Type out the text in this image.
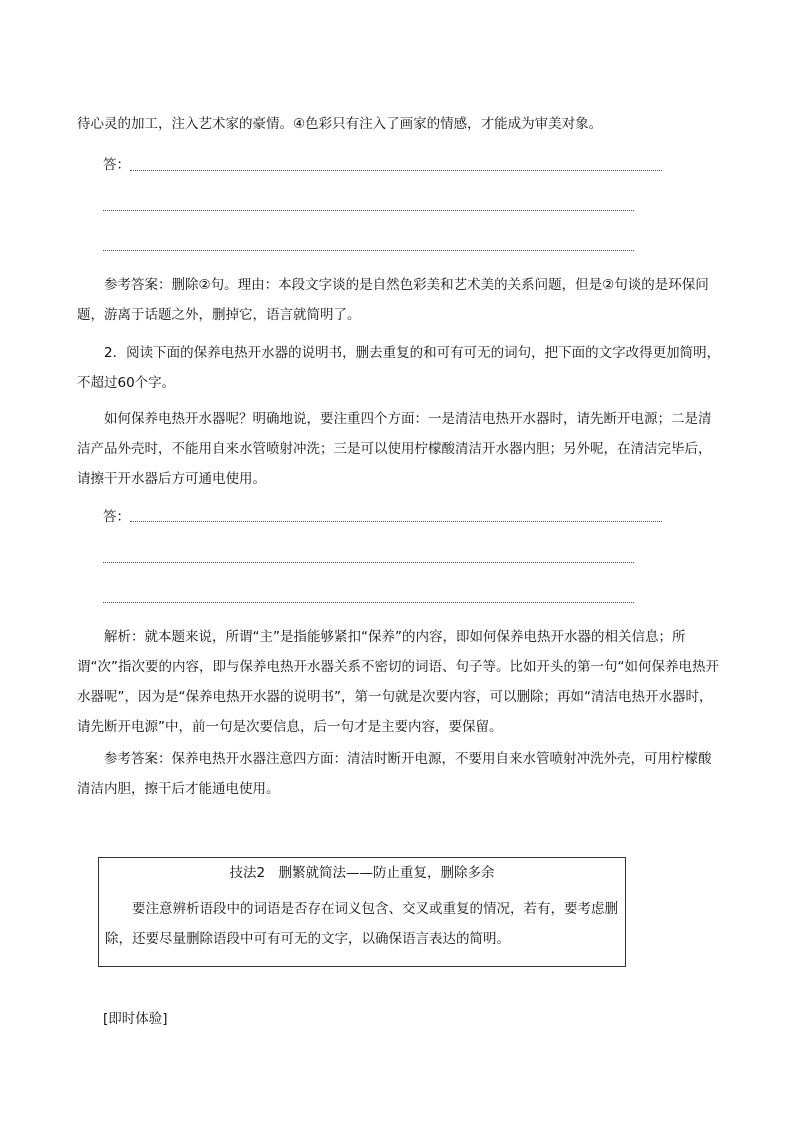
待心灵的加工，注入艺术家的豪情。④色彩只有注入了画家的情感，才能成为审美对象。

答：

参考答案：删除②句。理由：本段文字谈的是自然色彩美和艺术美的关系问题，但是②句谈的是环保问题，游离于话题之外，删掉它，语言就简明了。

2．阅读下面的保养电热开水器的说明书，删去重复的和可有可无的词句，把下面的文字改得更加简明，不超过60个字。

如何保养电热开水器呢？明确地说，要注重四个方面：一是清洁电热开水器时，请先断开电源；二是清洁产品外壳时，不能用自来水管喷射冲洗；三是可以使用柠檬酸清洁开水器内胆；另外呢，在清洁完毕后，请擦干开水器后方可通电使用。

答：

解析：就本题来说，所谓“主”是指能够紧扣“保养”的内容，即如何保养电热开水器的相关信息；所谓“次”指次要的内容，即与保养电热开水器关系不密切的词语、句子等。比如开头的第一句“如何保养电热开水器呢”，因为是“保养电热开水器的说明书”，第一句就是次要内容，可以删除；再如“清洁电热开水器时，请先断开电源”中，前一句是次要信息，后一句才是主要内容，要保留。

参考答案：保养电热开水器注意四方面：清洁时断开电源，不要用自来水管喷射冲洗外壳，可用柠檬酸清洁内胆，擦干后才能通电使用。

技法2　删繁就简法——防止重复，删除多余

要注意辨析语段中的词语是否存在词义包含、交叉或重复的情况，若有，要考虑删除，还要尽量删除语段中可有可无的文字，以确保语言表达的简明。

[即时体验]
